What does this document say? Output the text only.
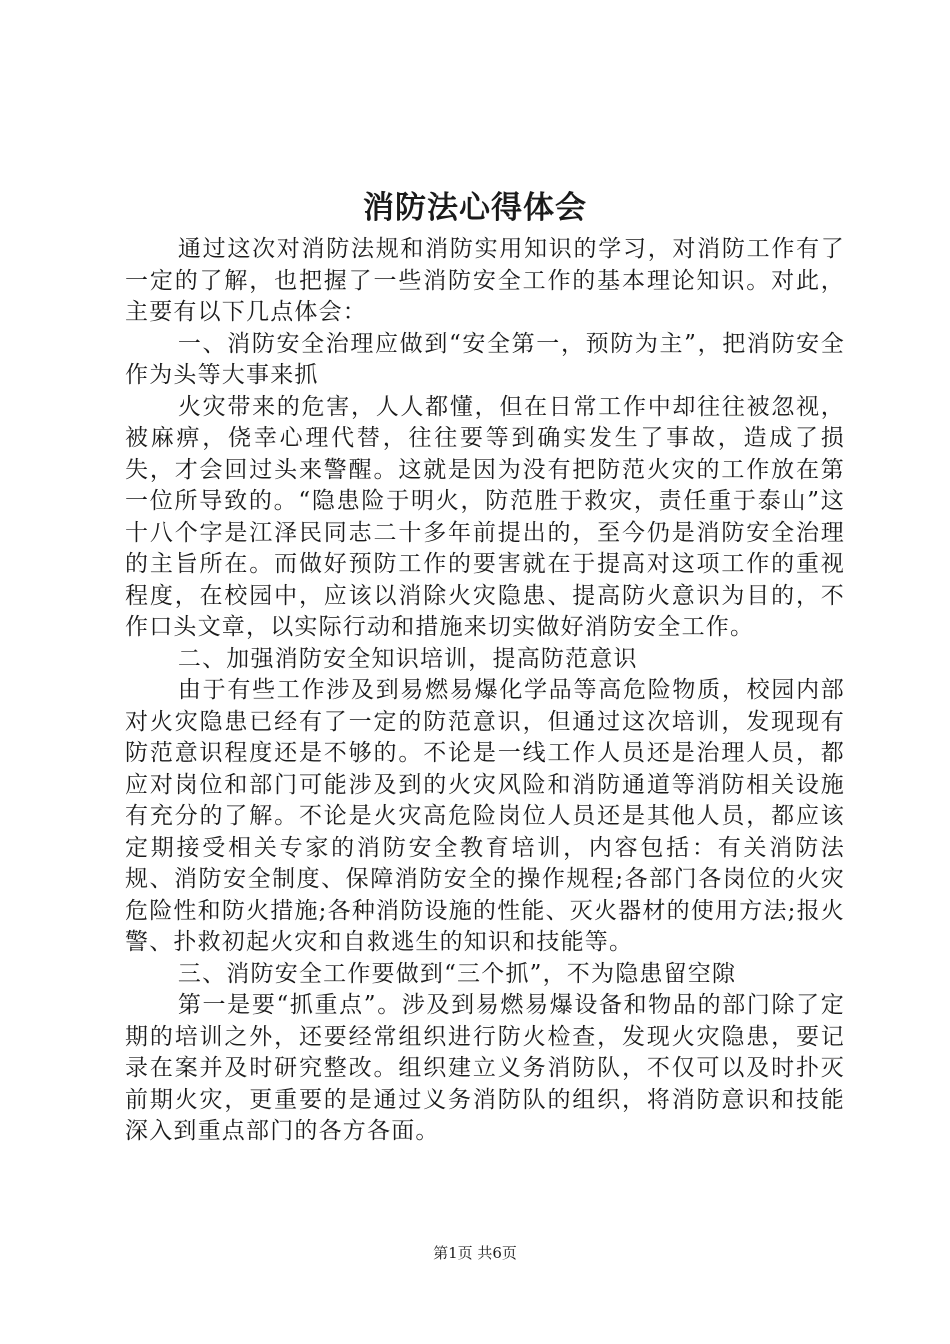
消防法心得体会

通过这次对消防法规和消防实用知识的学习，对消防工作有了一定的了解，也把握了一些消防安全工作的基本理论知识。对此，主要有以下几点体会：

一、消防安全治理应做到“安全第一，预防为主”，把消防安全作为头等大事来抓

火灾带来的危害，人人都懂，但在日常工作中却往往被忽视，被麻痹，侥幸心理代替，往往要等到确实发生了事故，造成了损失，才会回过头来警醒。这就是因为没有把防范火灾的工作放在第一位所导致的。“隐患险于明火，防范胜于救灾，责任重于泰山”这十八个字是江泽民同志二十多年前提出的，至今仍是消防安全治理的主旨所在。而做好预防工作的要害就在于提高对这项工作的重视程度，在校园中，应该以消除火灾隐患、提高防火意识为目的，不作口头文章，以实际行动和措施来切实做好消防安全工作。

二、加强消防安全知识培训，提高防范意识

由于有些工作涉及到易燃易爆化学品等高危险物质，校园内部对火灾隐患已经有了一定的防范意识，但通过这次培训，发现现有防范意识程度还是不够的。不论是一线工作人员还是治理人员，都应对岗位和部门可能涉及到的火灾风险和消防通道等消防相关设施有充分的了解。不论是火灾高危险岗位人员还是其他人员，都应该定期接受相关专家的消防安全教育培训，内容包括：有关消防法规、消防安全制度、保障消防安全的操作规程;各部门各岗位的火灾危险性和防火措施;各种消防设施的性能、灭火器材的使用方法;报火警、扑救初起火灾和自救逃生的知识和技能等。

三、消防安全工作要做到“三个抓”，不为隐患留空隙

第一是要“抓重点”。涉及到易燃易爆设备和物品的部门除了定期的培训之外，还要经常组织进行防火检查，发现火灾隐患，要记录在案并及时研究整改。组织建立义务消防队，不仅可以及时扑灭前期火灾，更重要的是通过义务消防队的组织，将消防意识和技能深入到重点部门的各方各面。

第1页 共6页
